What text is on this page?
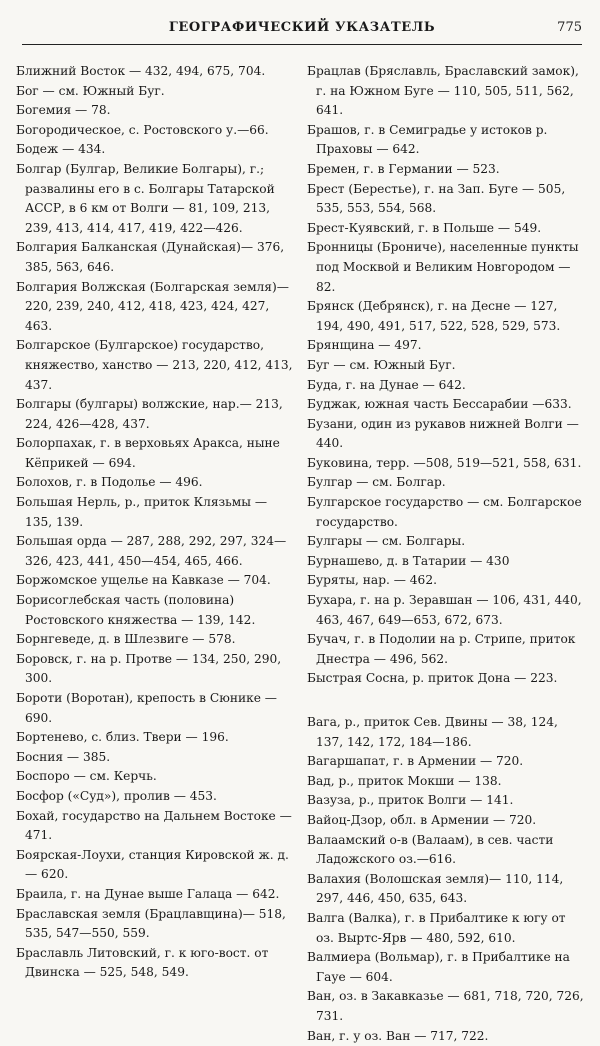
ГЕОГРАФИЧЕСКИЙ УКАЗАТЕЛЬ	775
Ближний Восток — 432, 494, 675, 704.
Бог — см. Южный Буг.
Богемия — 78.
Богородическое, с. Ростовского у.—66.
Бодеж — 434.
Болгар (Булгар, Великие Болгары), г.; развалины его в с. Болгары Татарской АССР, в 6 км от Волги — 81, 109, 213, 239, 413, 414, 417, 419, 422—426.
Болгария Балканская (Дунайская)— 376, 385, 563, 646.
Болгария Волжская (Болгарская земля)—220, 239, 240, 412, 418, 423, 424, 427, 463.
Болгарское (Булгарское) государство, княжество, ханство — 213, 220, 412, 413, 437.
Болгары (булгары) волжские, нар.— 213, 224, 426—428, 437.
Болорпахак, г. в верховьях Аракса, ныне Кёприкей — 694.
Болохов, г. в Подолье — 496.
Большая Нерль, р., приток Клязьмы — 135, 139.
Большая орда — 287, 288, 292, 297, 324—326, 423, 441, 450—454, 465, 466.
Боржомское ущелье на Кавказе — 704.
Борисоглебская часть (половина) Ростовского княжества — 139, 142.
Борнгеведе, д. в Шлезвиге — 578.
Боровск, г. на р. Протве — 134, 250, 290, 300.
Борoти (Воротан), крепость в Сюнике — 690.
Бортенево, с. близ. Твери — 196.
Босния — 385.
Боспоро — см. Керчь.
Босфор («Суд»), пролив — 453.
Бохай, государство на Дальнем Востоке — 471.
Боярская-Лоухи, станция Кировской ж. д. — 620.
Браила, г. на Дунае выше Галаца — 642.
Браславская земля (Брацлавщина)— 518, 535, 547—550, 559.
Браславль Литовский, г. к юго-вост. от Двинска — 525, 548, 549.
Брацлав (Бряславль, Браславский замок), г. на Южном Буге — 110, 505, 511, 562, 641.
Брашов, г. в Семиградье у истоков р. Праховы — 642.
Бремен, г. в Германии — 523.
Брест (Берестье), г. на Зап. Буге — 505, 535, 553, 554, 568.
Брест-Куявский, г. в Польше — 549.
Бронницы (Брониче), населенные пункты под Москвой и Великим Новгородом — 82.
Брянск (Дебрянск), г. на Десне — 127, 194, 490, 491, 517, 522, 528, 529, 573.
Брянщина — 497.
Буг — см. Южный Буг.
Буда, г. на Дунае — 642.
Буджак, южная часть Бессарабии —633.
Бузани, один из рукавов нижней Волги — 440.
Буковина, терр. —508, 519—521, 558, 631.
Булгар — см. Болгар.
Булгарское государство — см. Болгарское государство.
Булгары — см. Болгары.
Бурнашево, д. в Татарии — 430
Буряты, нар. — 462.
Бухара, г. на р. Зеравшан — 106, 431, 440, 463, 467, 649—653, 672, 673.
Бучач, г. в Подолии на р. Стрипе, приток Днестра — 496, 562.
Быстрая Сосна, р. приток Дона — 223.
Вага, р., приток Сев. Двины — 38, 124, 137, 142, 172, 184—186.
Вагаршапат, г. в Армении — 720.
Вад, р., приток Мокши — 138.
Вазуза, р., приток Волги — 141.
Вайоц-Дзор, обл. в Армении — 720.
Валаамский о-в (Валаам), в сев. части Ладожского оз.—616.
Валахия (Волошская земля)— 110, 114, 297, 446, 450, 635, 643.
Валга (Валка), г. в Прибалтике к югу от оз. Выртс-Ярв — 480, 592, 610.
Валмиера (Вольмар), г. в Прибалтике на Гауе — 604.
Ван, оз. в Закавказье — 681, 718, 720, 726, 731.
Ван, г. у оз. Ван — 717, 722.
